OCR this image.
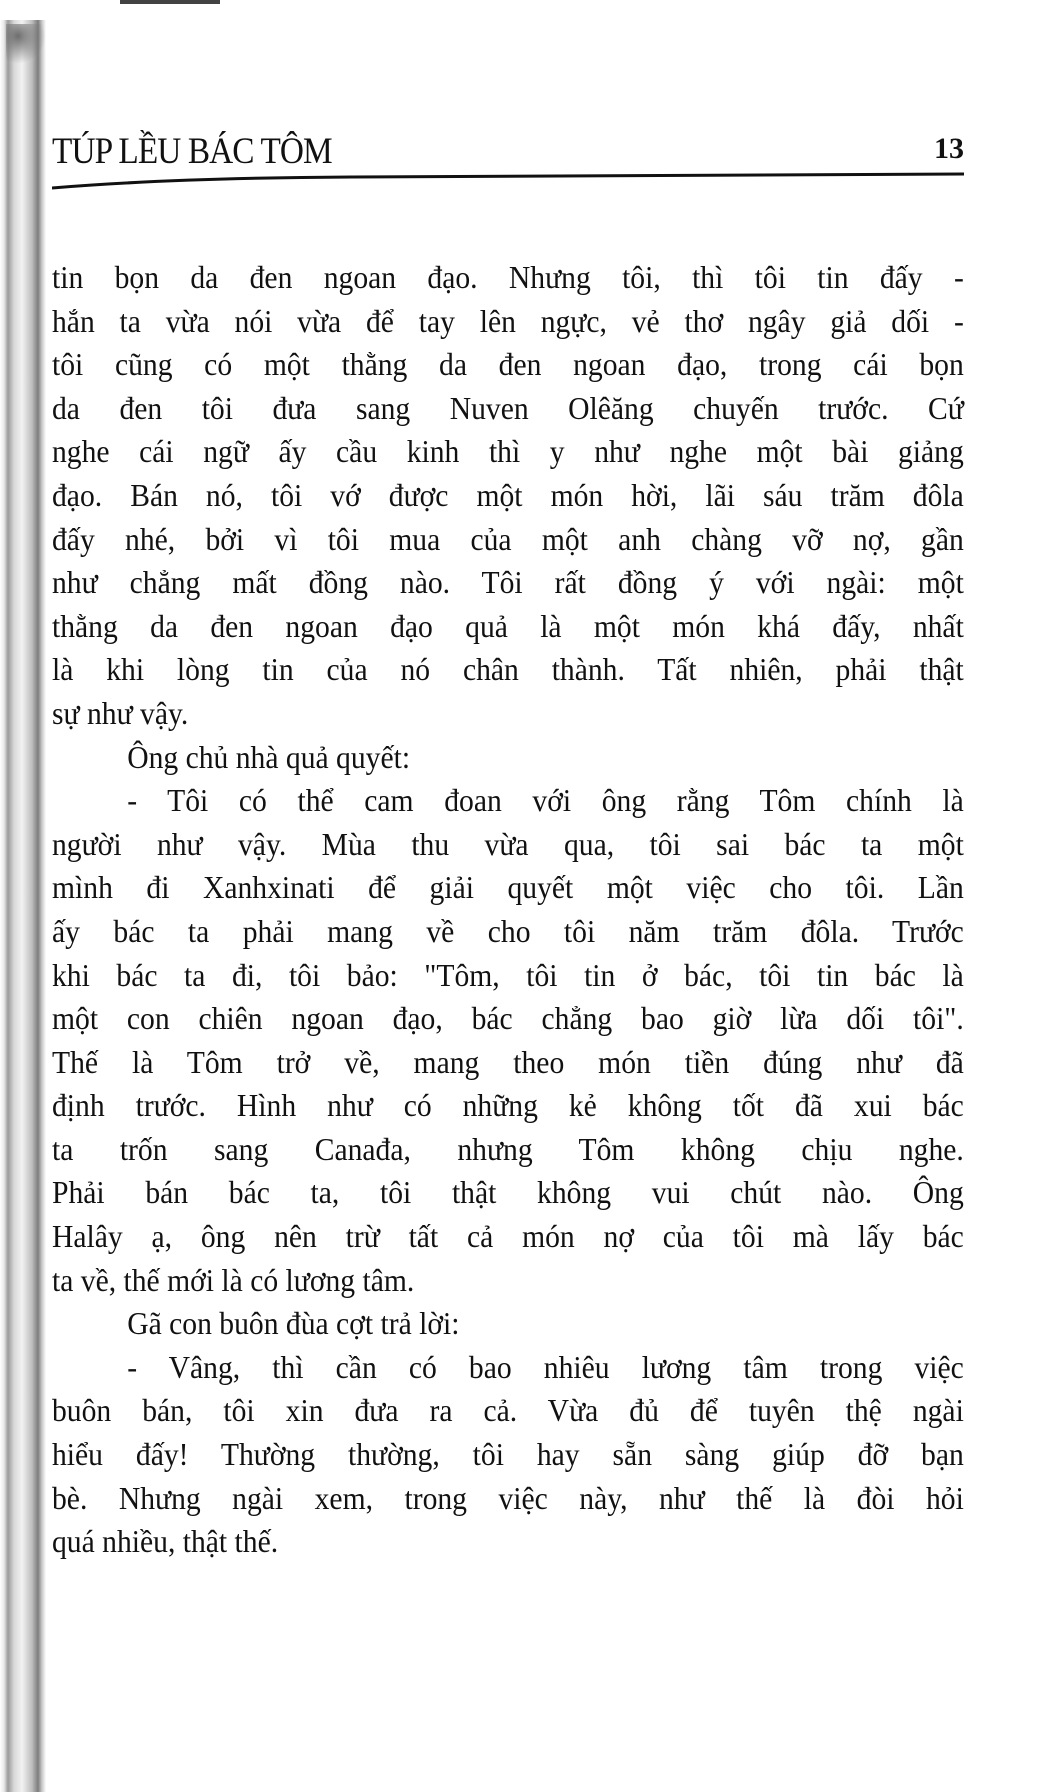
TÚP LỀU BÁC TÔM	13
tin bọn da đen ngoan đạo. Nhưng tôi, thì tôi tin đấy -
hắn ta vừa nói vừa để tay lên ngực, vẻ thơ ngây giả dối -
tôi cũng có một thằng da đen ngoan đạo, trong cái bọn
da đen tôi đưa sang Nuven Olêăng chuyến trước. Cứ
nghe cái ngữ ấy cầu kinh thì y như nghe một bài giảng
đạo. Bán nó, tôi vớ được một món hời, lãi sáu trăm đôla
đấy nhé, bởi vì tôi mua của một anh chàng vỡ nợ, gần
như chẳng mất đồng nào. Tôi rất đồng ý với ngài: một
thằng da đen ngoan đạo quả là một món khá đấy, nhất
là khi lòng tin của nó chân thành. Tất nhiên, phải thật
sự như vậy.
Ông chủ nhà quả quyết:
- Tôi có thể cam đoan với ông rằng Tôm chính là
người như vậy. Mùa thu vừa qua, tôi sai bác ta một
mình đi Xanhxinati để giải quyết một việc cho tôi. Lần
ấy bác ta phải mang về cho tôi năm trăm đôla. Trước
khi bác ta đi, tôi bảo: "Tôm, tôi tin ở bác, tôi tin bác là
một con chiên ngoan đạo, bác chẳng bao giờ lừa dối tôi".
Thế là Tôm trở về, mang theo món tiền đúng như đã
định trước. Hình như có những kẻ không tốt đã xui bác
ta trốn sang Canađa, nhưng Tôm không chịu nghe.
Phải bán bác ta, tôi thật không vui chút nào. Ông
Halây ạ, ông nên trừ tất cả món nợ của tôi mà lấy bác
ta về, thế mới là có lương tâm.
Gã con buôn đùa cợt trả lời:
- Vâng, thì cần có bao nhiêu lương tâm trong việc
buôn bán, tôi xin đưa ra cả. Vừa đủ để tuyên thệ ngài
hiểu đấy! Thường thường, tôi hay sẵn sàng giúp đỡ bạn
bè. Nhưng ngài xem, trong việc này, như thế là đòi hỏi
quá nhiều, thật thế.
